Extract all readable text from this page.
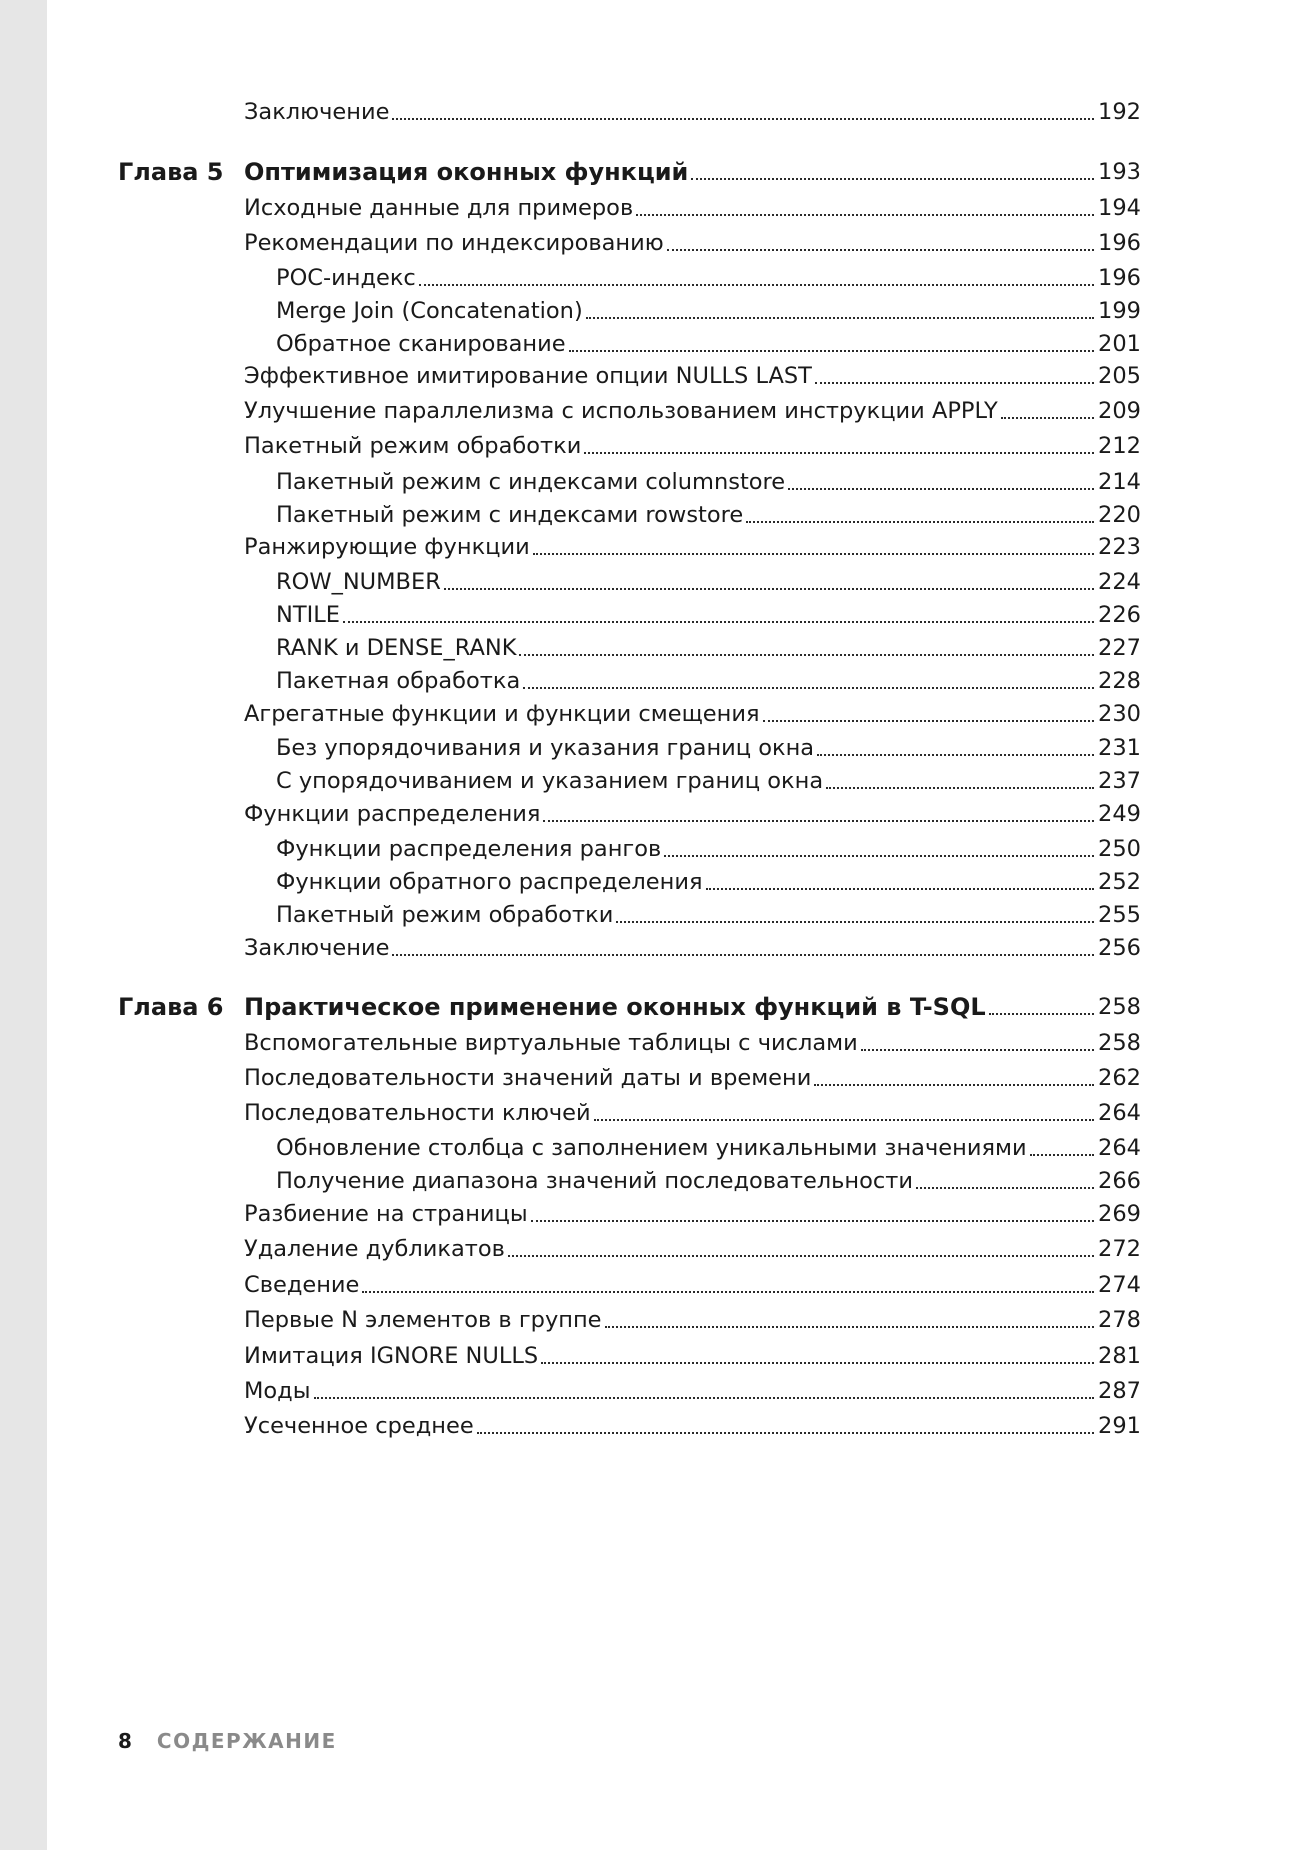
Заключение	192
Глава 5 Оптимизация оконных функций	193
Исходные данные для примеров	194
Рекомендации по индексированию	196
POC-индекс	196
Merge Join (Concatenation)	199
Обратное сканирование	201
Эффективное имитирование опции NULLS LAST	205
Улучшение параллелизма с использованием инструкции APPLY	209
Пакетный режим обработки	212
Пакетный режим с индексами columnstore	214
Пакетный режим с индексами rowstore	220
Ранжирующие функции	223
ROW_NUMBER	224
NTILE	226
RANK и DENSE_RANK	227
Пакетная обработка	228
Агрегатные функции и функции смещения	230
Без упорядочивания и указания границ окна	231
С упорядочиванием и указанием границ окна	237
Функции распределения	249
Функции распределения рангов	250
Функции обратного распределения	252
Пакетный режим обработки	255
Заключение	256
Глава 6 Практическое применение оконных функций в T-SQL	258
Вспомогательные виртуальные таблицы с числами	258
Последовательности значений даты и времени	262
Последовательности ключей	264
Обновление столбца с заполнением уникальными значениями	264
Получение диапазона значений последовательности	266
Разбиение на страницы	269
Удаление дубликатов	272
Сведение	274
Первые N элементов в группе	278
Имитация IGNORE NULLS	281
Моды	287
Усеченное среднее	291
8 СОДЕРЖАНИЕ
